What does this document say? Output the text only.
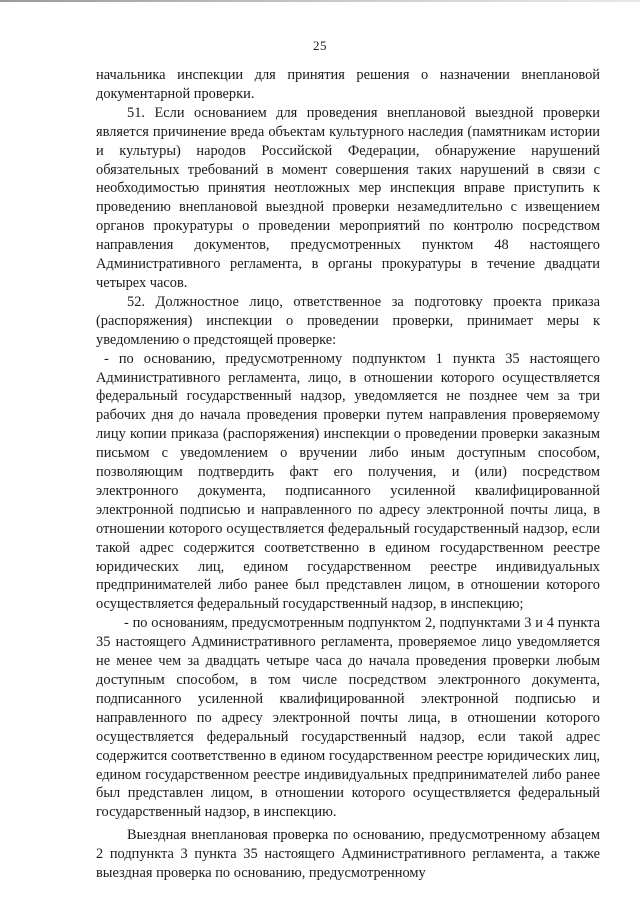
25

начальника инспекции для принятия решения о назначении внеплановой документарной проверки.

51. Если основанием для проведения внеплановой выездной проверки является причинение вреда объектам культурного наследия (памятникам истории и культуры) народов Российской Федерации, обнаружение нарушений обязательных требований в момент совершения таких нарушений в связи с необходимостью принятия неотложных мер инспекция вправе приступить к проведению внеплановой выездной проверки незамедлительно с извещением органов прокуратуры о проведении мероприятий по контролю посредством направления документов, предусмотренных пунктом 48 настоящего Административного регламента, в органы прокуратуры в течение двадцати четырех часов.

52. Должностное лицо, ответственное за подготовку проекта приказа (распоряжения) инспекции о проведении проверки, принимает меры к уведомлению о предстоящей проверке:

- по основанию, предусмотренному подпунктом 1 пункта 35 настоящего Административного регламента, лицо, в отношении которого осуществляется федеральный государственный надзор, уведомляется не позднее чем за три рабочих дня до начала проведения проверки путем направления проверяемому лицу копии приказа (распоряжения) инспекции о проведении проверки заказным письмом с уведомлением о вручении либо иным доступным способом, позволяющим подтвердить факт его получения, и (или) посредством электронного документа, подписанного усиленной квалифицированной электронной подписью и направленного по адресу электронной почты лица, в отношении которого осуществляется федеральный государственный надзор, если такой адрес содержится соответственно в едином государственном реестре юридических лиц, едином государственном реестре индивидуальных предпринимателей либо ранее был представлен лицом, в отношении которого осуществляется федеральный государственный надзор, в инспекцию;

- по основаниям, предусмотренным подпунктом 2, подпунктами 3 и 4 пункта 35 настоящего Административного регламента, проверяемое лицо уведомляется не менее чем за двадцать четыре часа до начала проведения проверки любым доступным способом, в том числе посредством электронного документа, подписанного усиленной квалифицированной электронной подписью и направленного по адресу электронной почты лица, в отношении которого осуществляется федеральный государственный надзор, если такой адрес содержится соответственно в едином государственном реестре юридических лиц, едином государственном реестре индивидуальных предпринимателей либо ранее был представлен лицом, в отношении которого осуществляется федеральный государственный надзор, в инспекцию.

Выездная внеплановая проверка по основанию, предусмотренному абзацем 2 подпункта 3 пункта 35 настоящего Административного регламента, а также выездная проверка по основанию, предусмотренному
